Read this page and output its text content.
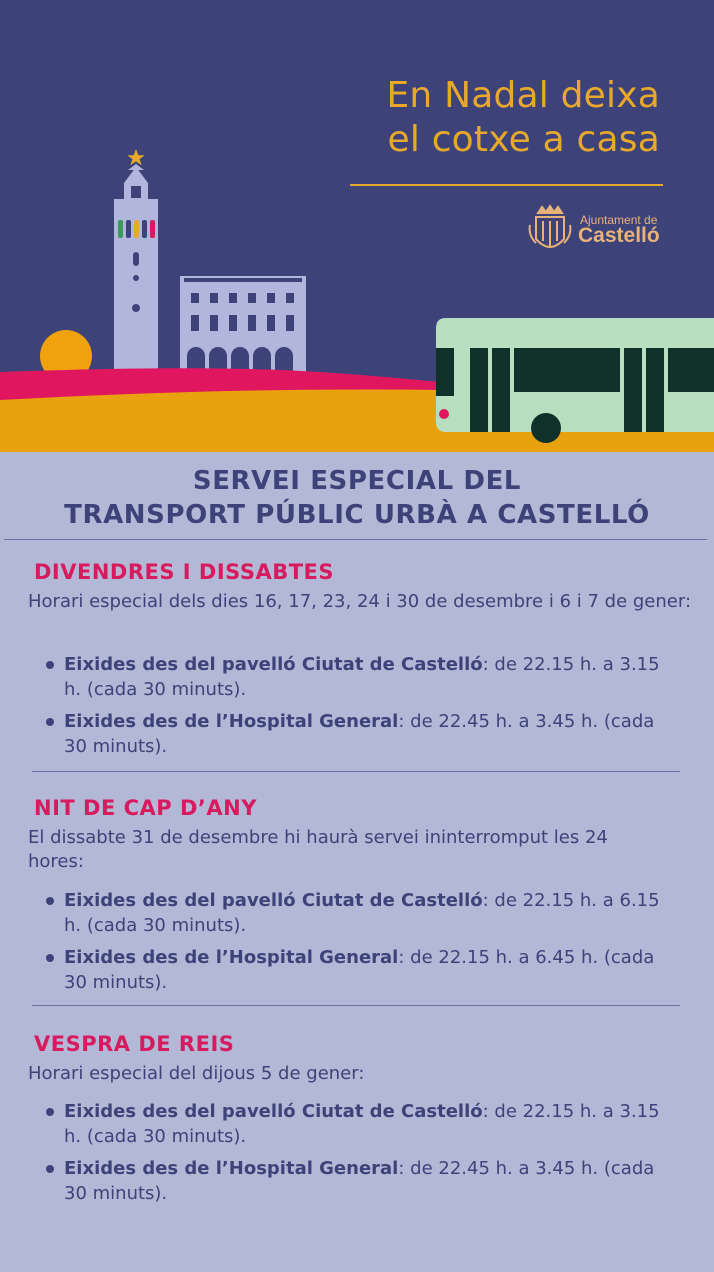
En Nadal deixa
el cotxe a casa
Ajuntament de
Castelló
SERVEI ESPECIAL DEL
TRANSPORT PÚBLIC URBÀ A CASTELLÓ
DIVENDRES I DISSABTES
Horari especial dels dies 16, 17, 23, 24 i 30 de desembre i 6 i 7 de gener:
Eixides des del pavelló Ciutat de Castelló: de 22.15 h. a 3.15 h. (cada 30 minuts).
Eixides des de l’Hospital General: de 22.45 h. a 3.45 h. (cada 30 minuts).
NIT DE CAP D’ANY
El dissabte 31 de desembre hi haurà servei ininterromput les 24 hores:
Eixides des del pavelló Ciutat de Castelló: de 22.15 h. a 6.15 h. (cada 30 minuts).
Eixides des de l’Hospital General: de 22.15 h. a 6.45 h. (cada 30 minuts).
VESPRA DE REIS
Horari especial del dijous 5 de gener:
Eixides des del pavelló Ciutat de Castelló: de 22.15 h. a 3.15 h. (cada 30 minuts).
Eixides des de l’Hospital General: de 22.45 h. a 3.45 h. (cada 30 minuts).
